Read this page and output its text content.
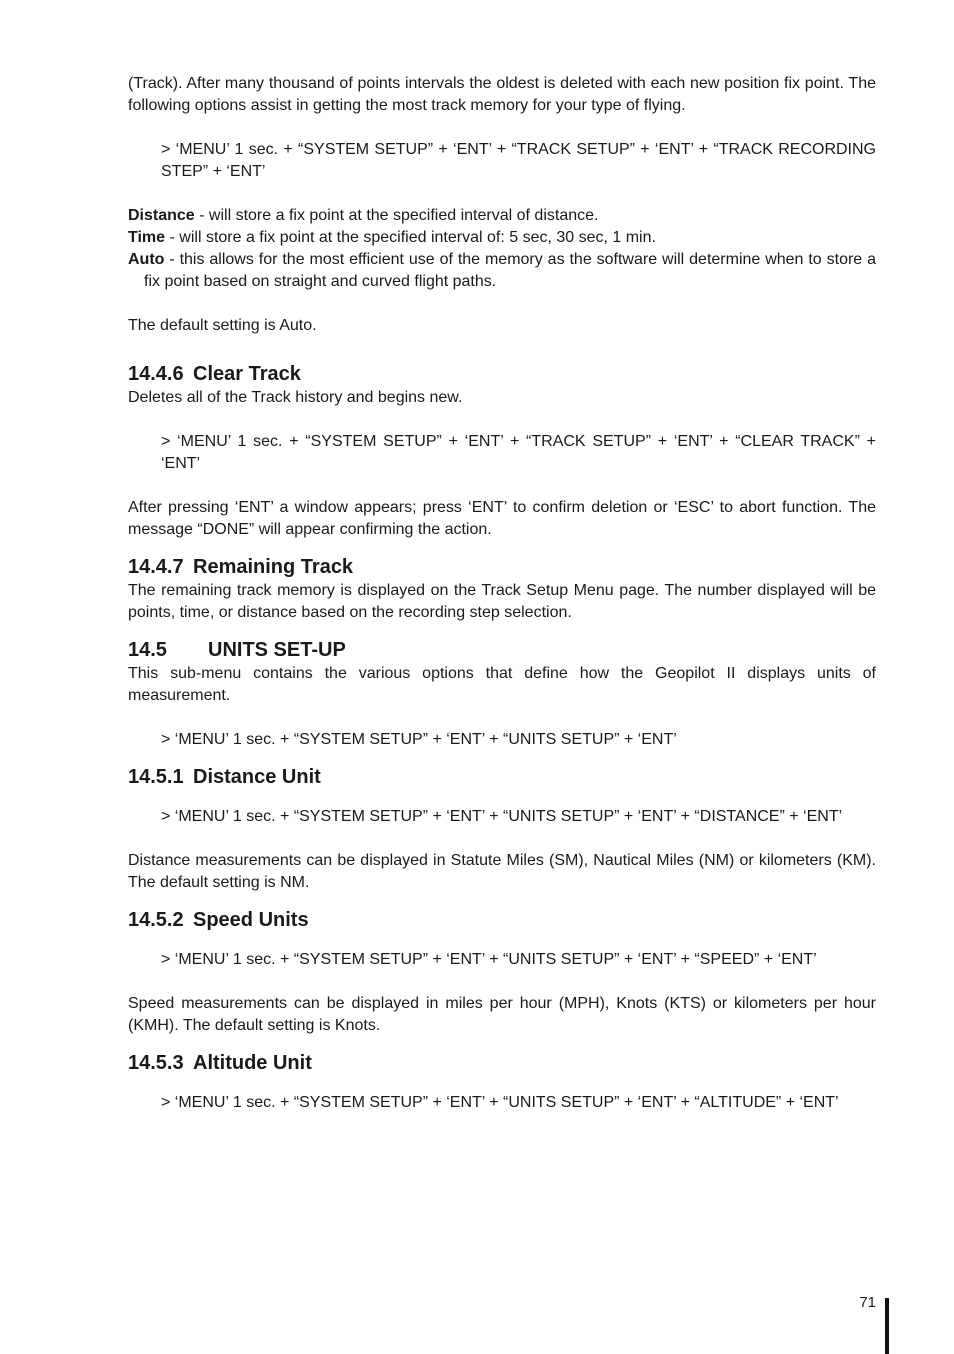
(Track). After many thousand of points intervals the oldest is deleted with each new position fix point. The following options assist in getting the most track memory for your type of flying.

> ‘MENU’ 1 sec. + “SYSTEM SETUP” + ‘ENT’ + “TRACK SETUP” + ‘ENT’ + “TRACK RECORDING STEP” + ‘ENT’

Distance - will store a fix point at the specified interval of distance.

Time - will store a fix point at the specified interval of: 5 sec, 30 sec, 1 min.

Auto - this allows for the most efficient use of the memory as the software will determine when to store a fix point based on straight and curved flight paths.

The default setting is Auto.

14.4.6 Clear Track

Deletes all of the Track history and begins new.

> ‘MENU’ 1 sec. + “SYSTEM SETUP” + ‘ENT’ + “TRACK SETUP” + ‘ENT’ + “CLEAR TRACK” + ‘ENT’

After pressing ‘ENT’ a window appears; press ‘ENT’ to confirm deletion or ‘ESC’ to abort function. The message “DONE” will appear confirming the action.

14.4.7 Remaining Track

The remaining track memory is displayed on the Track Setup Menu page. The number displayed will be points, time, or distance based on the recording step selection.

14.5 UNITS SET-UP

This sub-menu contains the various options that define how the Geopilot II displays units of measurement.

> ‘MENU’ 1 sec. + “SYSTEM SETUP” + ‘ENT’ + “UNITS SETUP” + ‘ENT’

14.5.1 Distance Unit

> ‘MENU’ 1 sec. + “SYSTEM SETUP” + ‘ENT’ + “UNITS SETUP” + ‘ENT’ + “DISTANCE” + ‘ENT’

Distance measurements can be displayed in Statute Miles (SM), Nautical Miles (NM) or kilometers (KM). The default setting is NM.

14.5.2 Speed Units

> ‘MENU’ 1 sec. + “SYSTEM SETUP” + ‘ENT’ + “UNITS SETUP” + ‘ENT’ + “SPEED” + ‘ENT’

Speed measurements can be displayed in miles per hour (MPH), Knots (KTS) or kilometers per hour (KMH). The default setting is Knots.

14.5.3 Altitude Unit

> ‘MENU’ 1 sec. + “SYSTEM SETUP” + ‘ENT’ + “UNITS SETUP” + ‘ENT’ + “ALTITUDE” + ‘ENT’

71
